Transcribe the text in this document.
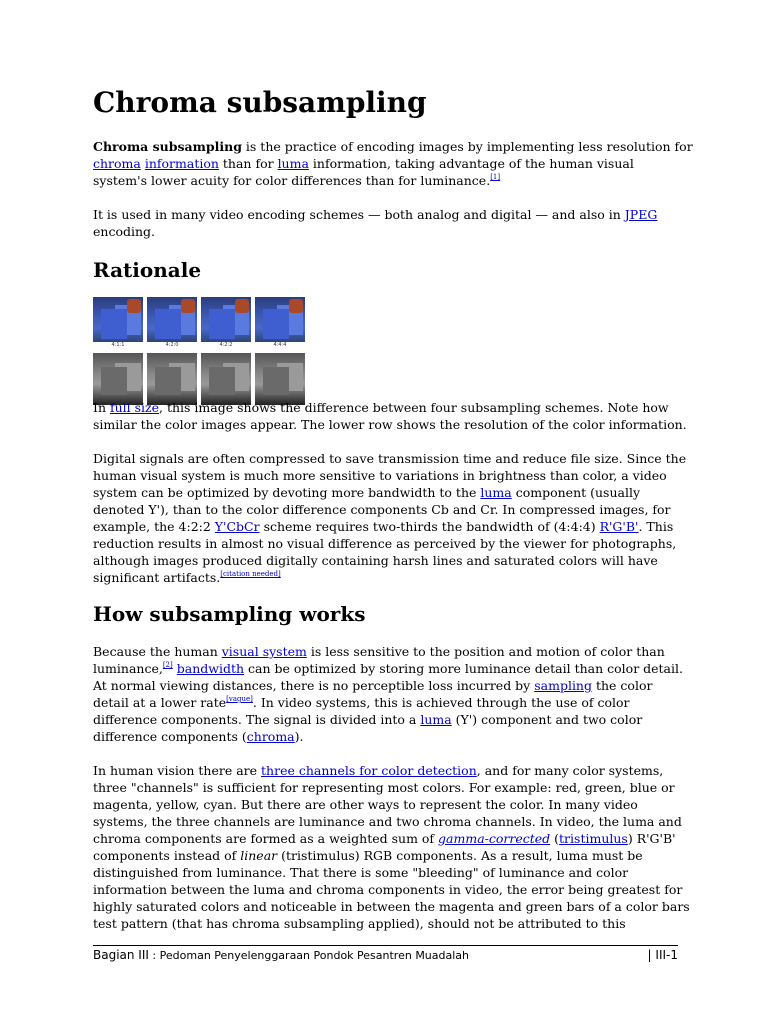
Chroma subsampling
Chroma subsampling is the practice of encoding images by implementing less resolution for
chroma information than for luma information, taking advantage of the human visual
system's lower acuity for color differences than for luminance.[1]
It is used in many video encoding schemes — both analog and digital — and also in JPEG
encoding.
Rationale
4:1:1	4:2:0	4:2:2	4:4:4
In full size, this image shows the difference between four subsampling schemes. Note how
similar the color images appear. The lower row shows the resolution of the color information.
Digital signals are often compressed to save transmission time and reduce file size. Since the
human visual system is much more sensitive to variations in brightness than color, a video
system can be optimized by devoting more bandwidth to the luma component (usually
denoted Y'), than to the color difference components Cb and Cr. In compressed images, for
example, the 4:2:2 Y'CbCr scheme requires two-thirds the bandwidth of (4:4:4) R'G'B'. This
reduction results in almost no visual difference as perceived by the viewer for photographs,
although images produced digitally containing harsh lines and saturated colors will have
significant artifacts.[citation needed]
How subsampling works
Because the human visual system is less sensitive to the position and motion of color than
luminance,[2] bandwidth can be optimized by storing more luminance detail than color detail.
At normal viewing distances, there is no perceptible loss incurred by sampling the color
detail at a lower rate[vague]. In video systems, this is achieved through the use of color
difference components. The signal is divided into a luma (Y') component and two color
difference components (chroma).
In human vision there are three channels for color detection, and for many color systems,
three "channels" is sufficient for representing most colors. For example: red, green, blue or
magenta, yellow, cyan. But there are other ways to represent the color. In many video
systems, the three channels are luminance and two chroma channels. In video, the luma and
chroma components are formed as a weighted sum of gamma-corrected (tristimulus) R'G'B'
components instead of linear (tristimulus) RGB components. As a result, luma must be
distinguished from luminance. That there is some "bleeding" of luminance and color
information between the luma and chroma components in video, the error being greatest for
highly saturated colors and noticeable in between the magenta and green bars of a color bars
test pattern (that has chroma subsampling applied), should not be attributed to this
Bagian III : Pedoman Penyelenggaraan Pondok Pesantren Muadalah	| III-1
